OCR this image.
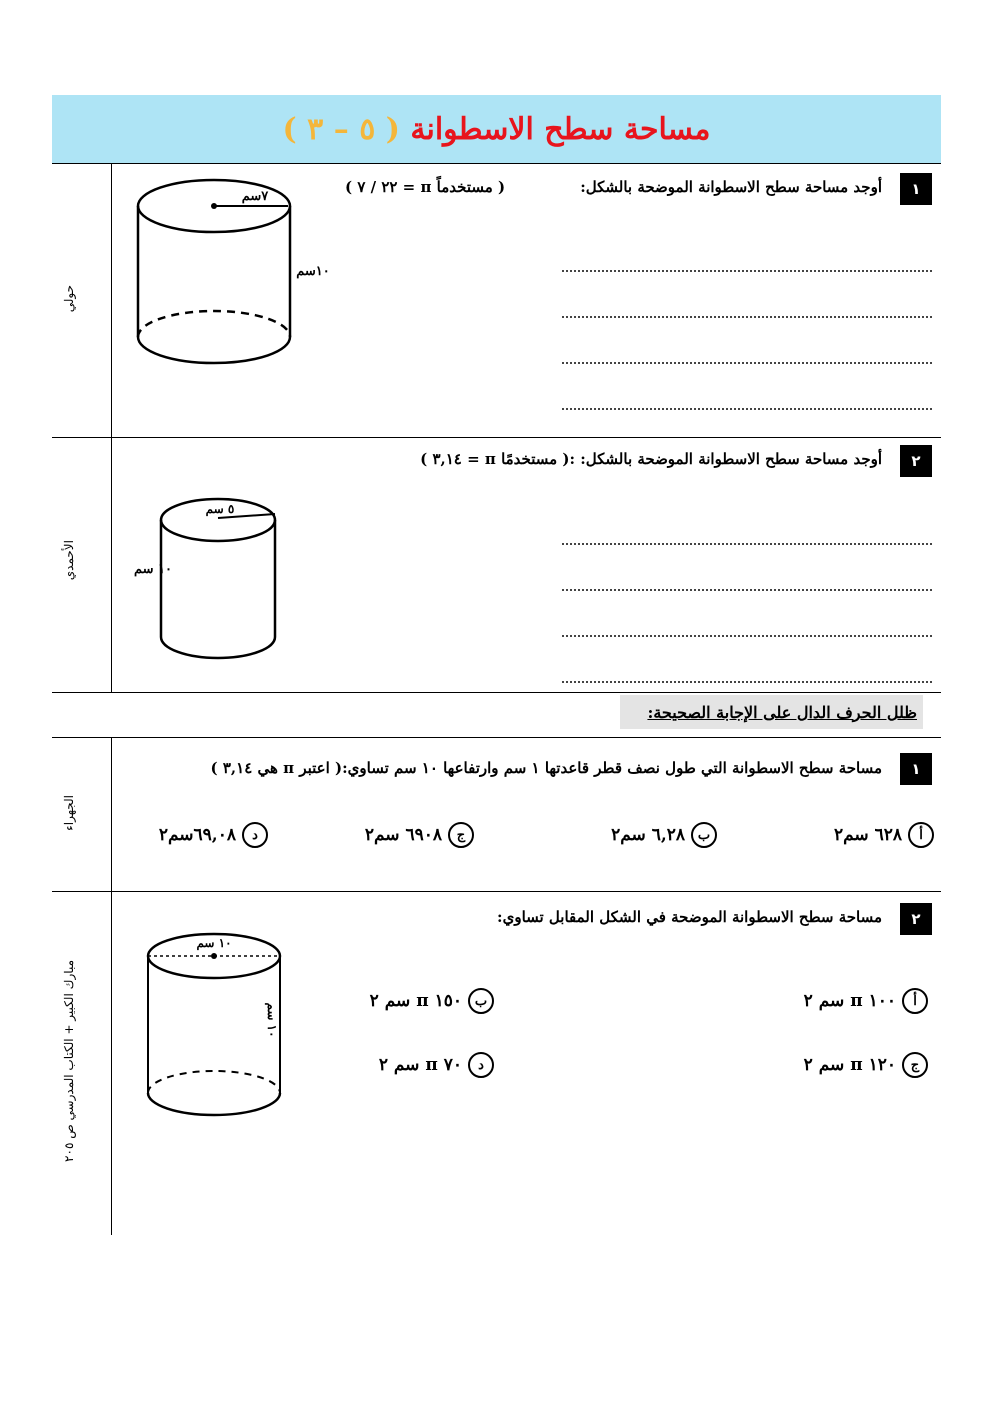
مساحة سطح الاسطوانة ( ٥ – ٣ )
حولي
١
أوجد مساحة سطح الاسطوانة الموضحة بالشكل:
( مستخدماً π = ٢٢ / ٧ )
٧سم
١٠سم
الأحمدي
٢
أوجد مساحة سطح الاسطوانة الموضحة بالشكل: :( مستخدمًا π = ٣,١٤ )
٥ سم
١٠ سم
ظلل الحرف الدال على الإجابة الصحيحة:
الجهراء
١
مساحة سطح الاسطوانة التي طول نصف قطر قاعدتها ١ سم وارتفاعها ١٠ سم تساوي:( اعتبر π هي ٣,١٤ )
أ
٦٢٨ سم٢
ب
٦,٢٨ سم٢
ج
٦٩٠٨ سم٢
د
٦٩,٠٨سم٢
مبارك الكبير + الكتاب المدرسي ص ٢٠٥
٢
مساحة سطح الاسطوانة الموضحة في الشكل المقابل تساوي:
١٠ سم
١٠ سم
أ
١٠٠ π سم ٢
ب
١٥٠ π سم ٢
ج
١٢٠ π سم ٢
د
٧٠ π سم ٢
